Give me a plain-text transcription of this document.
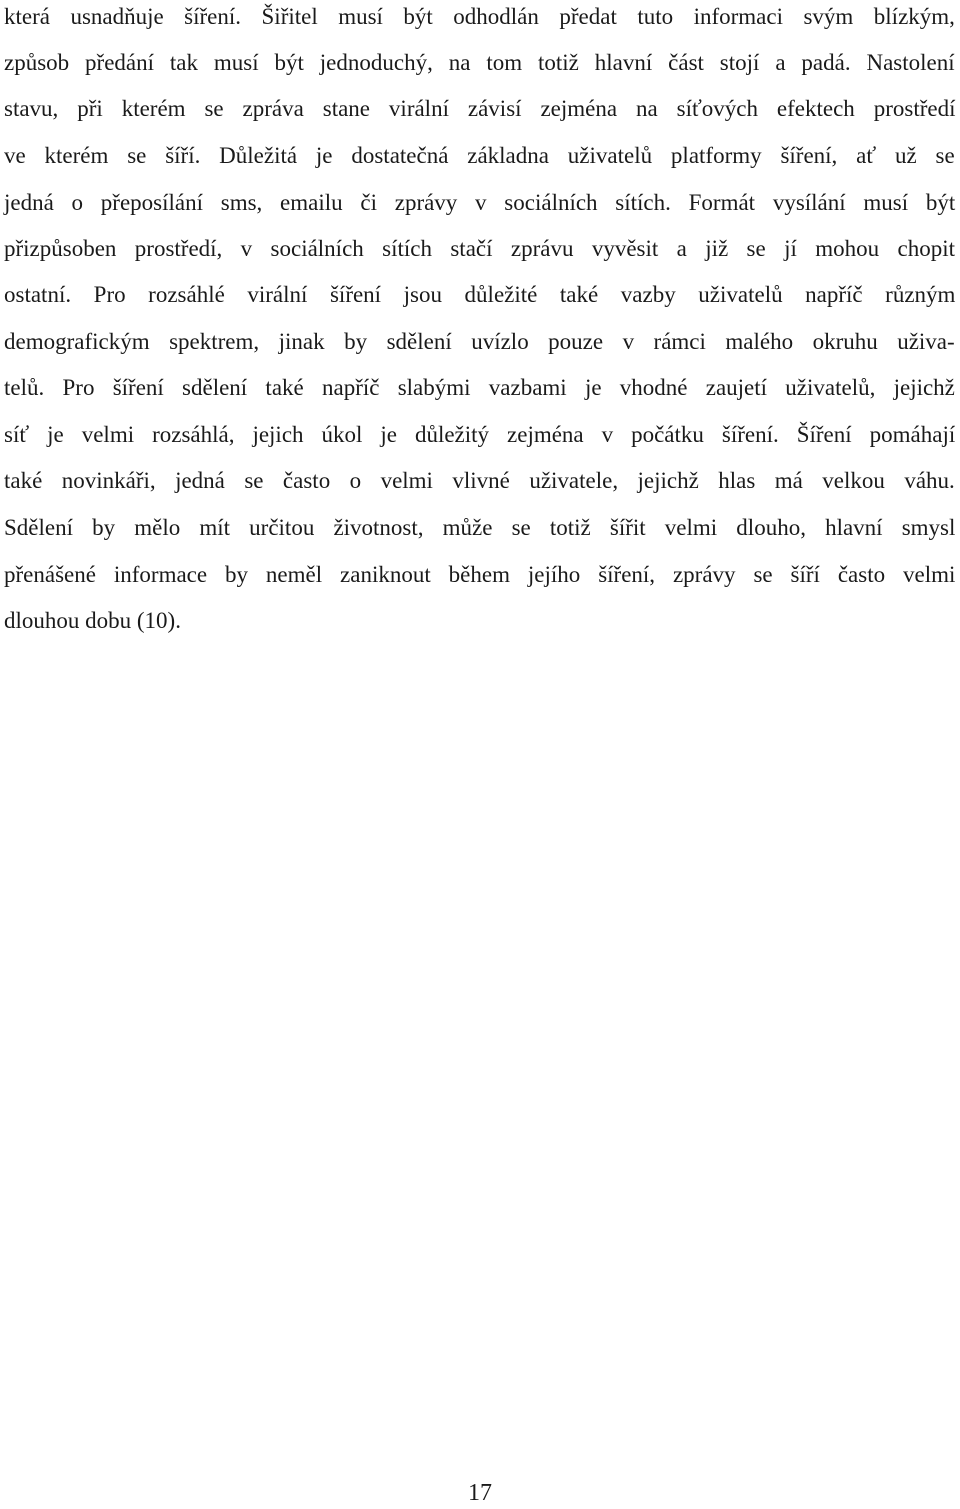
která usnadňuje šíření. Šiřitel musí být odhodlán předat tuto informaci svým blízkým,
způsob předání tak musí být jednoduchý, na tom totiž hlavní část stojí a padá. Nastolení
stavu, při kterém se zpráva stane virální závisí zejména na síťových efektech prostředí
ve kterém se šíří. Důležitá je dostatečná základna uživatelů platformy šíření, ať už se
jedná o přeposílání sms, emailu či zprávy v sociálních sítích. Formát vysílání musí být
přizpůsoben prostředí, v sociálních sítích stačí zprávu vyvěsit a již se jí mohou chopit
ostatní. Pro rozsáhlé virální šíření jsou důležité také vazby uživatelů napříč různým
demografickým spektrem, jinak by sdělení uvízlo pouze v rámci malého okruhu uživa-
telů. Pro šíření sdělení také napříč slabými vazbami je vhodné zaujetí uživatelů, jejichž
síť je velmi rozsáhlá, jejich úkol je důležitý zejména v počátku šíření. Šíření pomáhají
také novinkáři, jedná se často o velmi vlivné uživatele, jejichž hlas má velkou váhu.
Sdělení by mělo mít určitou životnost, může se totiž šířit velmi dlouho, hlavní smysl
přenášené informace by neměl zaniknout během jejího šíření, zprávy se šíří často velmi
dlouhou dobu (10).
17
